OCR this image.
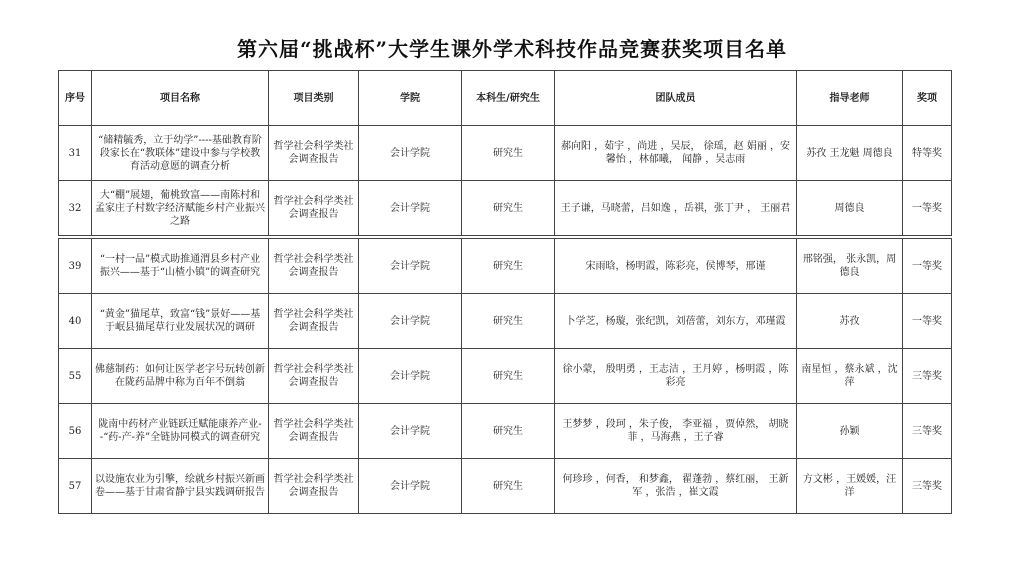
第六届“挑战杯”大学生课外学术科技作品竞赛获奖项目名单
序号	项目名称	项目类别	学院	本科生/研究生	团队成员	指导老师	奖项
31	“储精毓秀，立于幼学”----基础教育阶段家长在“教联体”建设中参与学校教育活动意愿的调查分析	哲学社会科学类社会调查报告	会计学院	研究生	郝向阳 ，茹宇 ，尚进 ，吴辰， 徐瑶，赵 娟丽 ，安馨怡 ，林郁曦， 闻静 ，吴志雨	苏孜 王龙魁 周德良	特等奖
32	大“棚”展翅，葡桃致富——南陈村和孟家庄子村数字经济赋能乡村产业振兴之路	哲学社会科学类社会调查报告	会计学院	研究生	王子谦，马晓蕾，吕如逸 ，岳祺，张丁尹 ， 王丽君	周德良	一等奖

39	“一村一品”模式助推通渭县乡村产业振兴——基于“山楂小镇”的调查研究	哲学社会科学类社会调查报告	会计学院	研究生	宋雨晗，杨明霞，陈彩亮，侯博琴，邢谨	邢铭强， 张永凯，周德良	一等奖
40	“黄金”猫尾草，致富“钱”景好——基于岷县猫尾草行业发展状况的调研	哲学社会科学类社会调查报告	会计学院	研究生	卜学芝，杨璇，张纪凯，刘蓓蕾，刘东方，邓瑾霞	苏孜	一等奖
55	佛慈制药：如何让医学老字号玩转创新在陇药品牌中称为百年不倒翁	哲学社会科学类社会调查报告	会计学院	研究生	徐小蒙， 殷明勇 ，王志洁 ，王月婷 ，杨明霞 ，陈彩亮	南星恒 ，蔡永斌 ，沈萍	三等奖
56	陇南中药材产业链跃迁赋能康养产业--“药-产-养”全链协同模式的调查研究	哲学社会科学类社会调查报告	会计学院	研究生	王梦梦 ，段珂 ，朱子俊， 李亚福 ，贾倬然， 胡晓菲 ，马海燕 ，王子睿	孙颖	三等奖
57	以设施农业为引擎，绘就乡村振兴新画卷——基于甘肃省静宁县实践调研报告	哲学社会科学类社会调查报告	会计学院	研究生	何珍珍 ，何香， 和梦鑫， 翟蓬勃 ，蔡红丽， 王新军 ，张浩 ，崔文霞	方文彬 ，王媛媛，汪洋	三等奖
